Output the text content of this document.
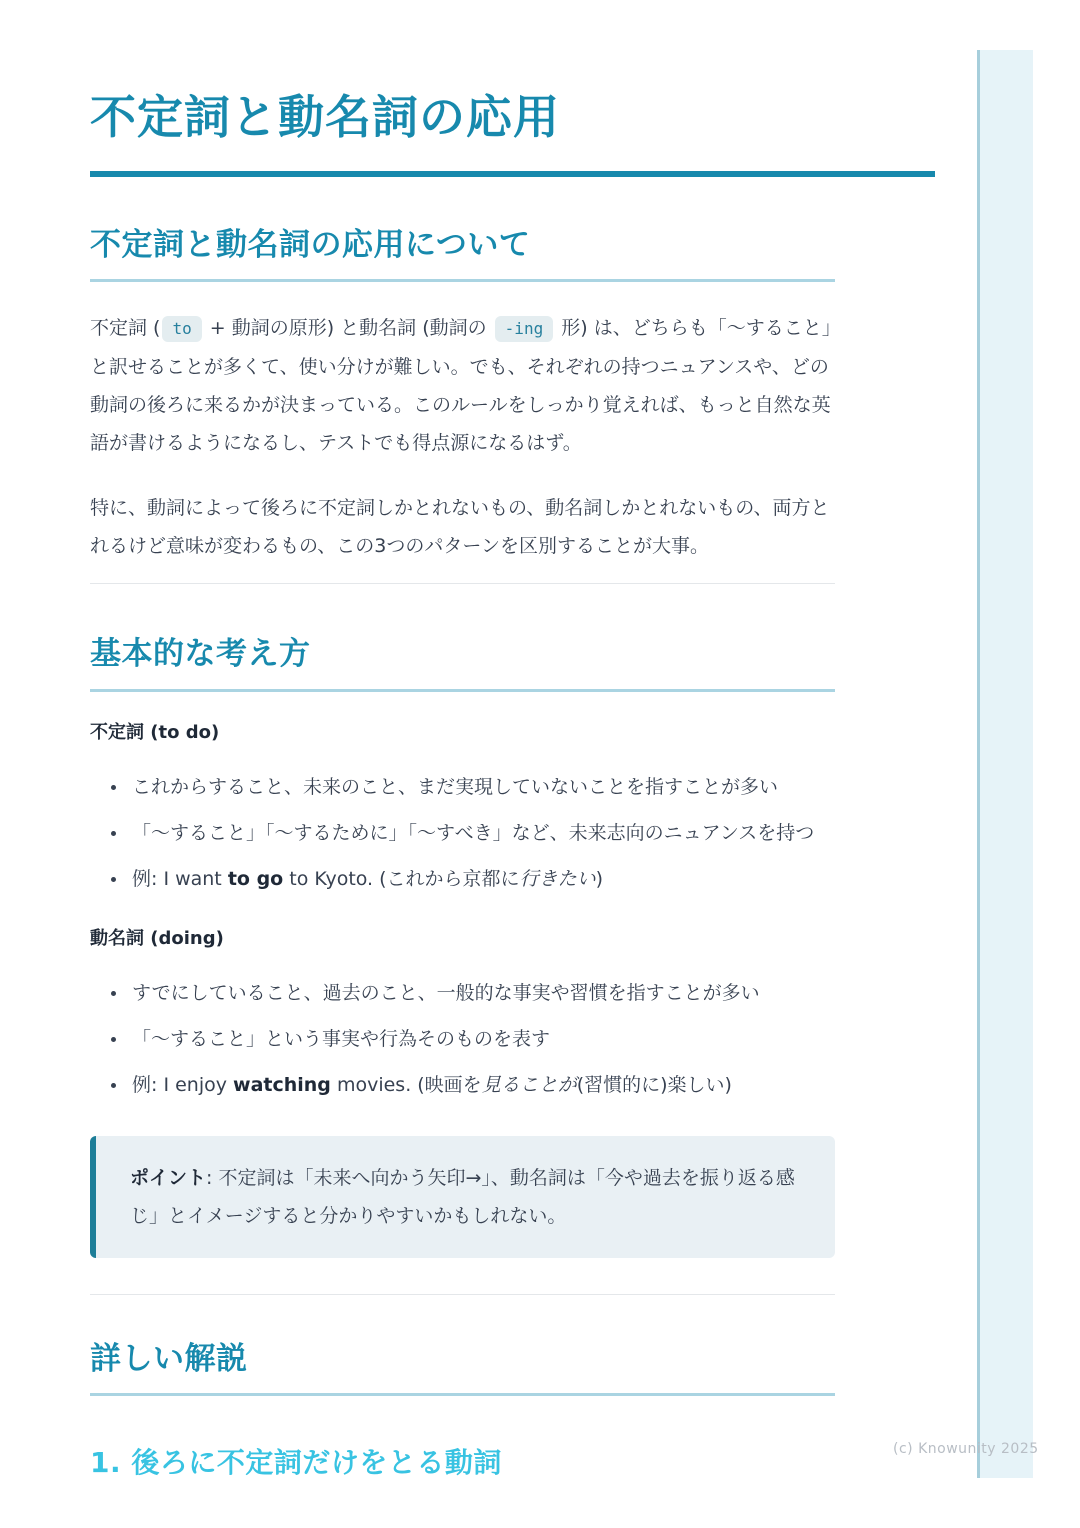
不定詞と動名詞の応用
不定詞と動名詞の応用について

不定詞 ( to + 動詞の原形) と動名詞 (動詞の -ing 形) は、どちらも「〜すること」と訳せることが多くて、使い分けが難しい。でも、それぞれの持つニュアンスや、どの動詞の後ろに来るかが決まっている。このルールをしっかり覚えれば、もっと自然な英語が書けるようになるし、テストでも得点源になるはず。

特に、動詞によって後ろに不定詞しかとれないもの、動名詞しかとれないもの、両方とれるけど意味が変わるもの、この3つのパターンを区別することが大事。

基本的な考え方

不定詞 (to do)

• これからすること、未来のこと、まだ実現していないことを指すことが多い
• 「〜すること」「〜するために」「〜すべき」など、未来志向のニュアンスを持つ
• 例: I want to go to Kyoto. (これから京都に行きたい)

動名詞 (doing)

• すでにしていること、過去のこと、一般的な事実や習慣を指すことが多い
• 「〜すること」という事実や行為そのものを表す
• 例: I enjoy watching movies. (映画を見ることが(習慣的に)楽しい)

ポイント: 不定詞は「未来へ向かう矢印→」、動名詞は「今や過去を振り返る感じ」とイメージすると分かりやすいかもしれない。

詳しい解説
1. 後ろに不定詞だけをとる動詞	(c) Knowunity 2025
